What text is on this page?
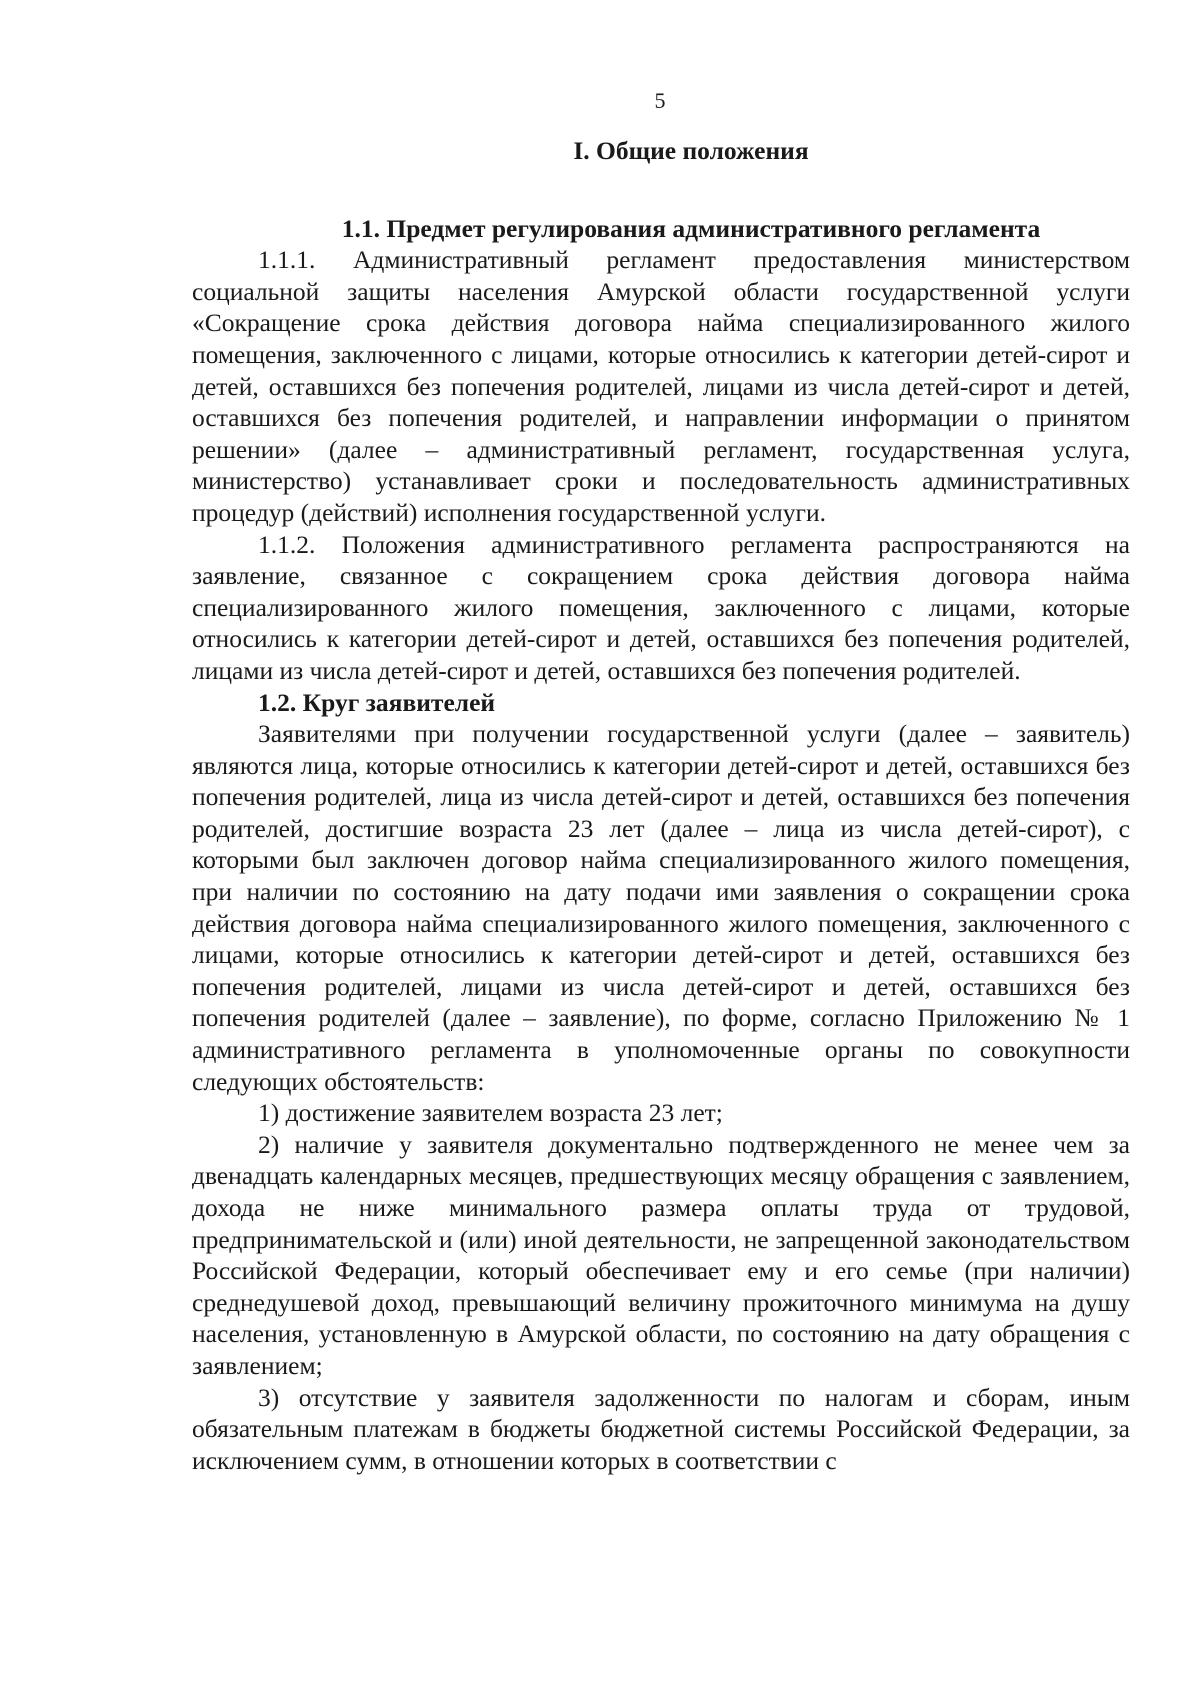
5

I. Общие положения

1.1. Предмет регулирования административного регламента

1.1.1. Административный регламент предоставления министерством социальной защиты населения Амурской области государственной услуги «Сокращение срока действия договора найма специализированного жилого помещения, заключенного с лицами, которые относились к категории детей-сирот и детей, оставшихся без попечения родителей, лицами из числа детей-сирот и детей, оставшихся без попечения родителей, и направлении информации о принятом решении» (далее – административный регламент, государственная услуга, министерство) устанавливает сроки и последовательность административных процедур (действий) исполнения государственной услуги.

1.1.2. Положения административного регламента распространяются на заявление, связанное с сокращением срока действия договора найма специализированного жилого помещения, заключенного с лицами, которые относились к категории детей-сирот и детей, оставшихся без попечения родителей, лицами из числа детей-сирот и детей, оставшихся без попечения родителей.

1.2. Круг заявителей

Заявителями при получении государственной услуги (далее – заявитель) являются лица, которые относились к категории детей-сирот и детей, оставшихся без попечения родителей, лица из числа детей-сирот и детей, оставшихся без попечения родителей, достигшие возраста 23 лет (далее – лица из числа детей-сирот), с которыми был заключен договор найма специализированного жилого помещения, при наличии по состоянию на дату подачи ими заявления о сокращении срока действия договора найма специализированного жилого помещения, заключенного с лицами, которые относились к категории детей-сирот и детей, оставшихся без попечения родителей, лицами из числа детей-сирот и детей, оставшихся без попечения родителей (далее – заявление), по форме, согласно Приложению № 1 административного регламента в уполномоченные органы по совокупности следующих обстоятельств:

1) достижение заявителем возраста 23 лет;

2) наличие у заявителя документально подтвержденного не менее чем за двенадцать календарных месяцев, предшествующих месяцу обращения с заявлением, дохода не ниже минимального размера оплаты труда от трудовой, предпринимательской и (или) иной деятельности, не запрещенной законодательством Российской Федерации, который обеспечивает ему и его семье (при наличии) среднедушевой доход, превышающий величину прожиточного минимума на душу населения, установленную в Амурской области, по состоянию на дату обращения с заявлением;

3) отсутствие у заявителя задолженности по налогам и сборам, иным обязательным платежам в бюджеты бюджетной системы Российской Федерации, за исключением сумм, в отношении которых в соответствии с
